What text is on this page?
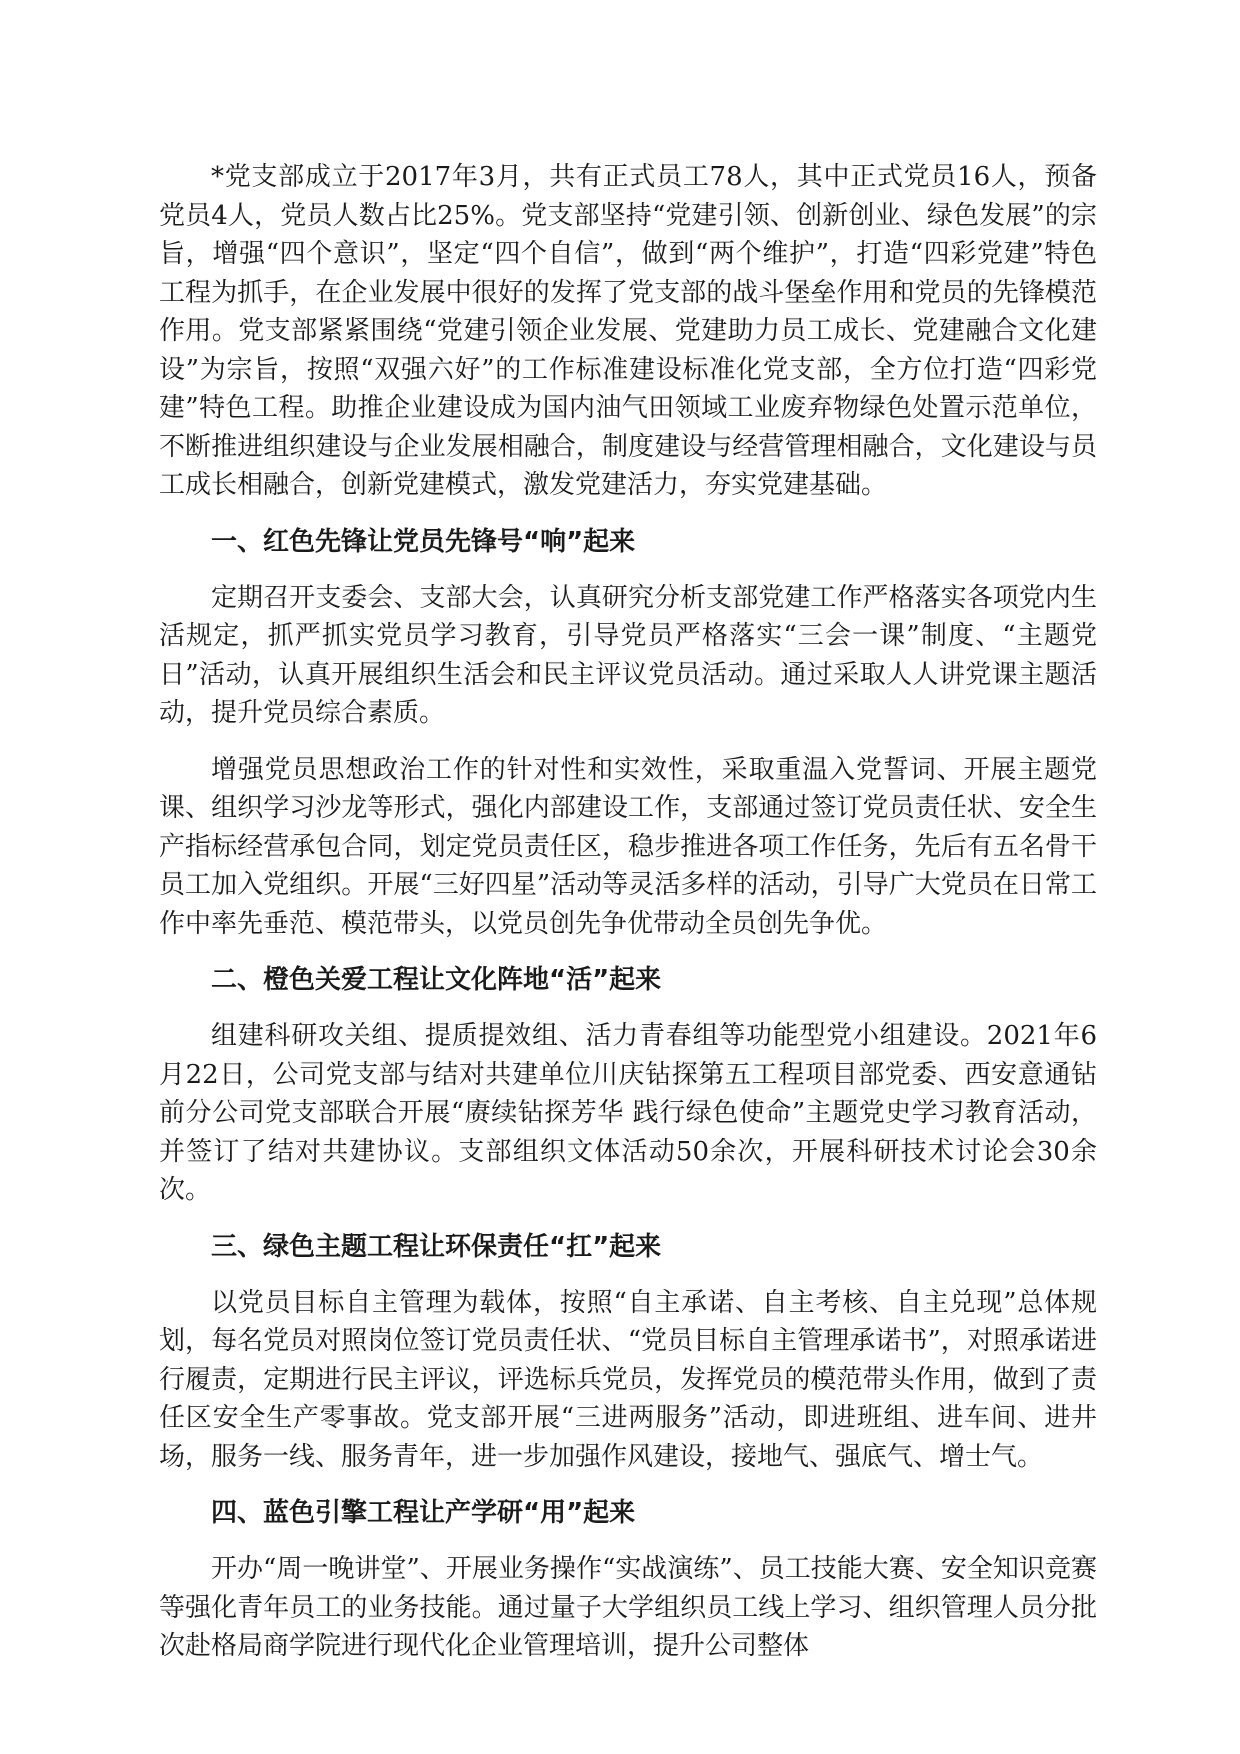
*党支部成立于2017年3月，共有正式员工78人，其中正式党员16人，预备党员4人，党员人数占比25%。党支部坚持“党建引领、创新创业、绿色发展”的宗旨，增强“四个意识”，坚定“四个自信”，做到“两个维护”，打造“四彩党建”特色工程为抓手，在企业发展中很好的发挥了党支部的战斗堡垒作用和党员的先锋模范作用。党支部紧紧围绕“党建引领企业发展、党建助力员工成长、党建融合文化建设”为宗旨，按照“双强六好”的工作标准建设标准化党支部，全方位打造“四彩党建”特色工程。助推企业建设成为国内油气田领域工业废弃物绿色处置示范单位，不断推进组织建设与企业发展相融合，制度建设与经营管理相融合，文化建设与员工成长相融合，创新党建模式，激发党建活力，夯实党建基础。

一、红色先锋让党员先锋号“响”起来

定期召开支委会、支部大会，认真研究分析支部党建工作严格落实各项党内生活规定，抓严抓实党员学习教育，引导党员严格落实“三会一课”制度、“主题党日”活动，认真开展组织生活会和民主评议党员活动。通过采取人人讲党课主题活动，提升党员综合素质。

增强党员思想政治工作的针对性和实效性，采取重温入党誓词、开展主题党课、组织学习沙龙等形式，强化内部建设工作，支部通过签订党员责任状、安全生产指标经营承包合同，划定党员责任区，稳步推进各项工作任务，先后有五名骨干员工加入党组织。开展“三好四星”活动等灵活多样的活动，引导广大党员在日常工作中率先垂范、模范带头，以党员创先争优带动全员创先争优。

二、橙色关爱工程让文化阵地“活”起来

组建科研攻关组、提质提效组、活力青春组等功能型党小组建设。2021年6月22日，公司党支部与结对共建单位川庆钻探第五工程项目部党委、西安意通钻前分公司党支部联合开展“赓续钻探芳华 践行绿色使命”主题党史学习教育活动，并签订了结对共建协议。支部组织文体活动50余次，开展科研技术讨论会30余次。

三、绿色主题工程让环保责任“扛”起来

以党员目标自主管理为载体，按照“自主承诺、自主考核、自主兑现”总体规划，每名党员对照岗位签订党员责任状、“党员目标自主管理承诺书”，对照承诺进行履责，定期进行民主评议，评选标兵党员，发挥党员的模范带头作用，做到了责任区安全生产零事故。党支部开展“三进两服务”活动，即进班组、进车间、进井场，服务一线、服务青年，进一步加强作风建设，接地气、强底气、增士气。

四、蓝色引擎工程让产学研“用”起来

开办“周一晚讲堂”、开展业务操作“实战演练”、员工技能大赛、安全知识竞赛等强化青年员工的业务技能。通过量子大学组织员工线上学习、组织管理人员分批次赴格局商学院进行现代化企业管理培训，提升公司整体
